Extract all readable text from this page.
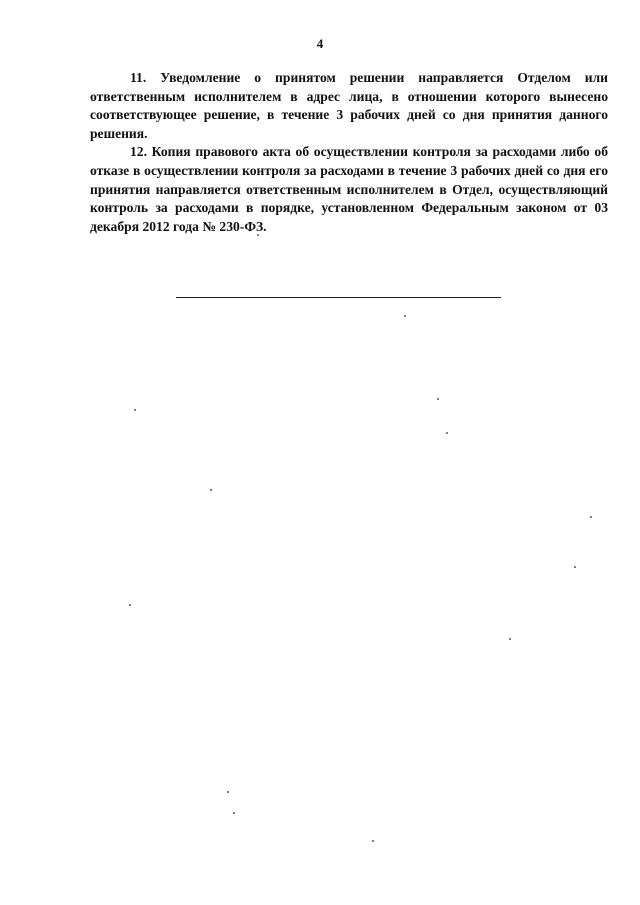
4

11. Уведомление о принятом решении направляется Отделом или ответственным исполнителем в адрес лица, в отношении которого вынесено соответствующее решение, в течение 3 рабочих дней со дня принятия данного решения.

12. Копия правового акта об осуществлении контроля за расходами либо об отказе в осуществлении контроля за расходами в течение 3 рабочих дней со дня его принятия направляется ответственным исполнителем в Отдел, осуществляющий контроль за расходами в порядке, установленном Федеральным законом от 03 декабря 2012 года № 230-ФЗ.
